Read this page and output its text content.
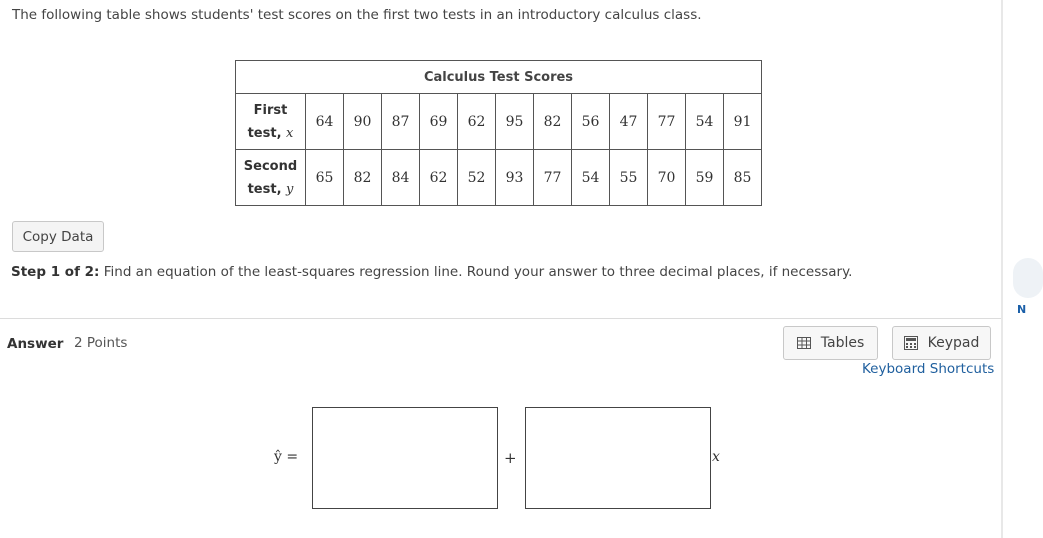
The following table shows students' test scores on the first two tests in an introductory calculus class.
Calculus Test Scores												
First
test, x	64	90	87	69	62	95	82	56	47	77	54	91
Second
test, y	65	82	84	62	52	93	77	54	55	70	59	85
Copy Data
Step 1 of 2: Find an equation of the least-squares regression line. Round your answer to three decimal places, if necessary.
N
Answer 2 Points	Tables	Keypad
Keyboard Shortcuts
ŷ =	+	x
